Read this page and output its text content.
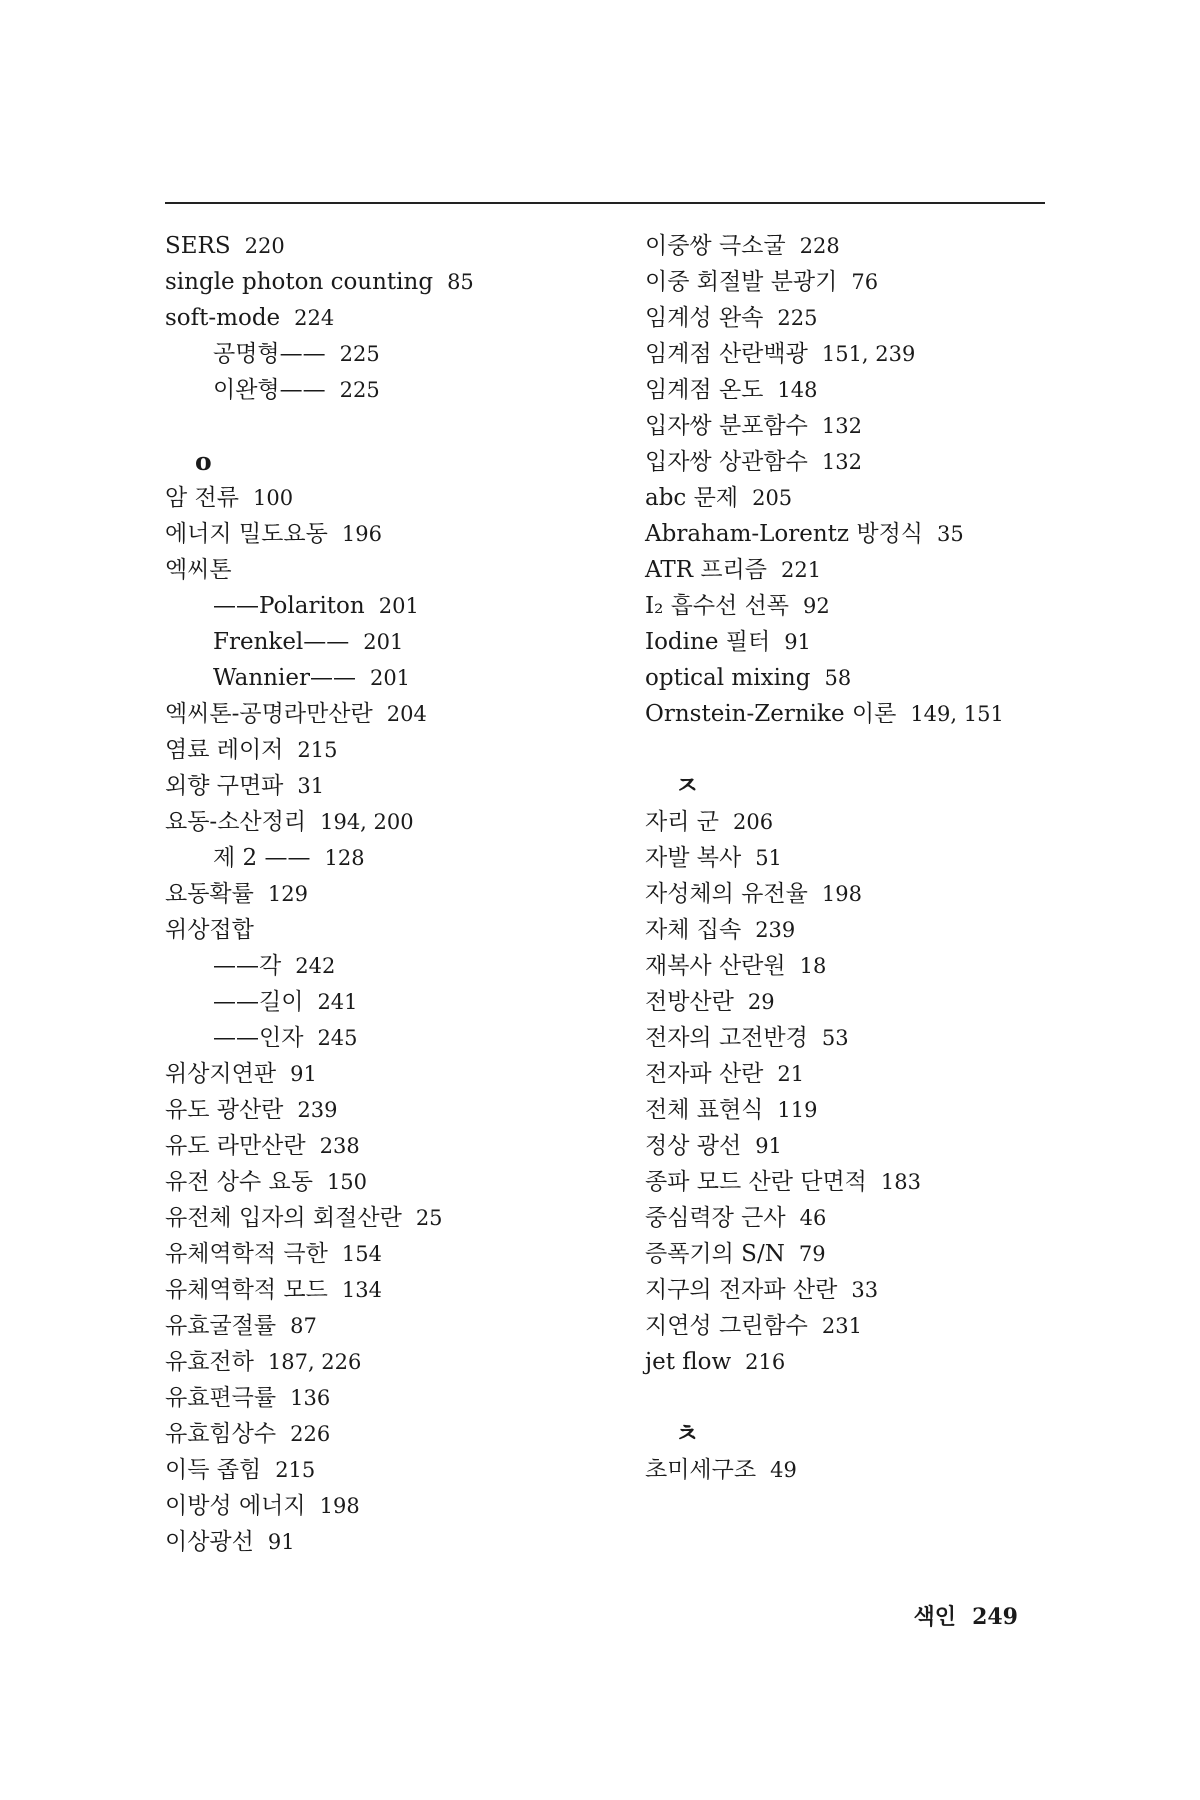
SERS 220
single photon counting 85
soft-mode 224
공명형—— 225
이완형—— 225
o
암 전류 100
에너지 밀도요동 196
엑씨톤
——Polariton 201
Frenkel—— 201
Wannier—— 201
엑씨톤-공명라만산란 204
염료 레이저 215
외향 구면파 31
요동-소산정리 194, 200
제 2 —— 128
요동확률 129
위상접합
——각 242
——길이 241
——인자 245
위상지연판 91
유도 광산란 239
유도 라만산란 238
유전 상수 요동 150
유전체 입자의 회절산란 25
유체역학적 극한 154
유체역학적 모드 134
유효굴절률 87
유효전하 187, 226
유효편극률 136
유효힘상수 226
이득 좁힘 215
이방성 에너지 198
이상광선 91
이중쌍 극소굴 228
이중 회절발 분광기 76
임계성 완속 225
임계점 산란백광 151, 239
임계점 온도 148
입자쌍 분포함수 132
입자쌍 상관함수 132
abc 문제 205
Abraham-Lorentz 방정식 35
ATR 프리즘 221
I₂ 흡수선 선폭 92
Iodine 필터 91
optical mixing 58
Ornstein-Zernike 이론 149, 151
ㅈ
자리 군 206
자발 복사 51
자성체의 유전율 198
자체 집속 239
재복사 산란원 18
전방산란 29
전자의 고전반경 53
전자파 산란 21
전체 표현식 119
정상 광선 91
종파 모드 산란 단면적 183
중심력장 근사 46
증폭기의 S/N 79
지구의 전자파 산란 33
지연성 그린함수 231
jet flow 216
ㅊ
초미세구조 49
색인 249
